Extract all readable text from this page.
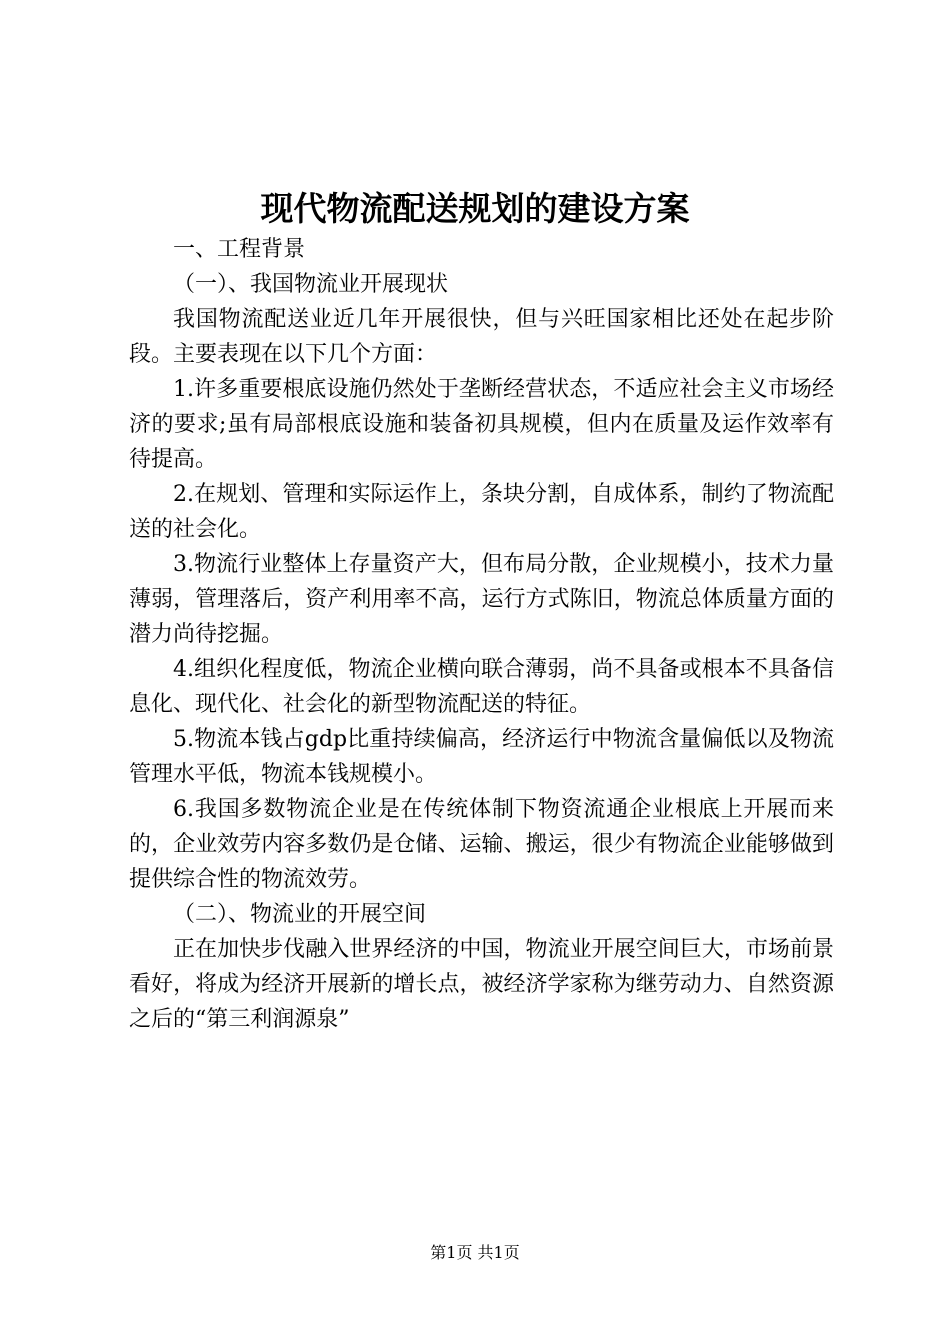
现代物流配送规划的建设方案

一、工程背景

（一）、我国物流业开展现状

我国物流配送业近几年开展很快，但与兴旺国家相比还处在起步阶段。主要表现在以下几个方面：

1.许多重要根底设施仍然处于垄断经营状态，不适应社会主义市场经济的要求;虽有局部根底设施和装备初具规模，但内在质量及运作效率有待提高。

2.在规划、管理和实际运作上，条块分割，自成体系，制约了物流配送的社会化。

3.物流行业整体上存量资产大，但布局分散，企业规模小，技术力量薄弱，管理落后，资产利用率不高，运行方式陈旧，物流总体质量方面的潜力尚待挖掘。

4.组织化程度低，物流企业横向联合薄弱，尚不具备或根本不具备信息化、现代化、社会化的新型物流配送的特征。

5.物流本钱占gdp比重持续偏高，经济运行中物流含量偏低以及物流管理水平低，物流本钱规模小。

6.我国多数物流企业是在传统体制下物资流通企业根底上开展而来的，企业效劳内容多数仍是仓储、运输、搬运，很少有物流企业能够做到提供综合性的物流效劳。

（二）、物流业的开展空间

正在加快步伐融入世界经济的中国，物流业开展空间巨大，市场前景看好，将成为经济开展新的增长点，被经济学家称为继劳动力、自然资源之后的“第三利润源泉”

第1页 共1页
